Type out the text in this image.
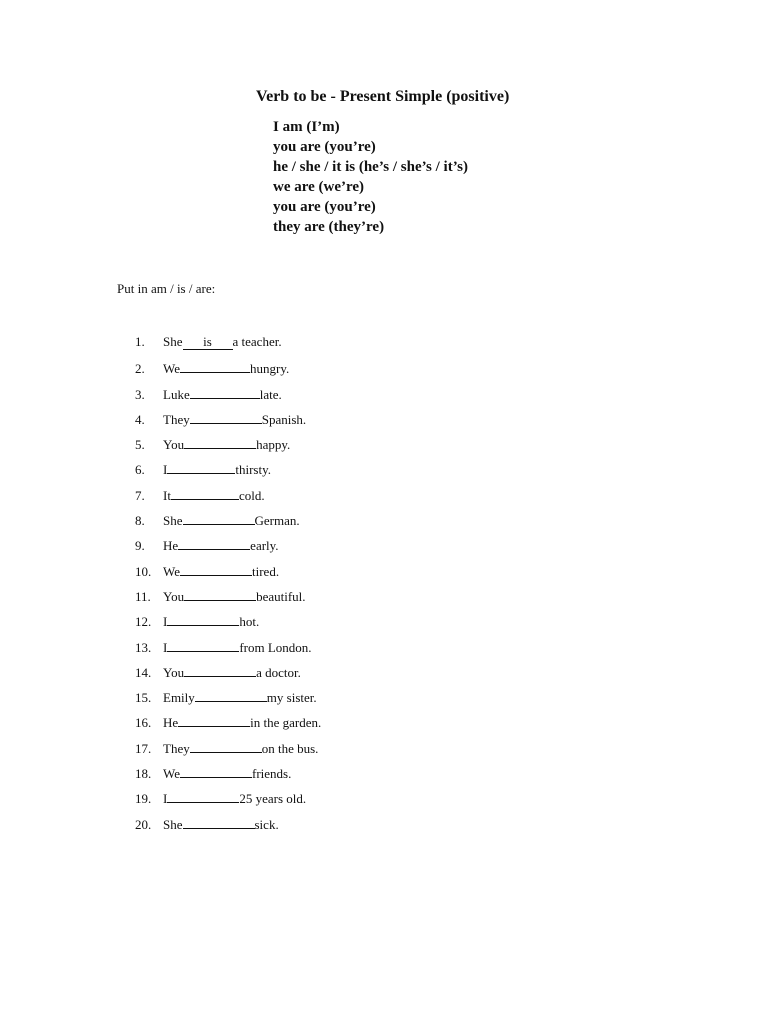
Verb to be - Present Simple (positive)
I am (I’m)
you are (you’re)
he / she / it is (he’s / she’s / it’s)
we are (we’re)
you are (you’re)
they are (they’re)
Put in am / is / are:
1. She is a teacher.
2. We	hungry.
3. Luke	late.
4. They	Spanish.
5. You	happy.
6. I	thirsty.
7. It	cold.
8. She	German.
9. He	early.
10. We	tired.
11. You	beautiful.
12. I	hot.
13. I	from London.
14. You	a doctor.
15. Emily	my sister.
16. He	in the garden.
17. They	on the bus.
18. We	friends.
19. I	25 years old.
20. She	sick.
